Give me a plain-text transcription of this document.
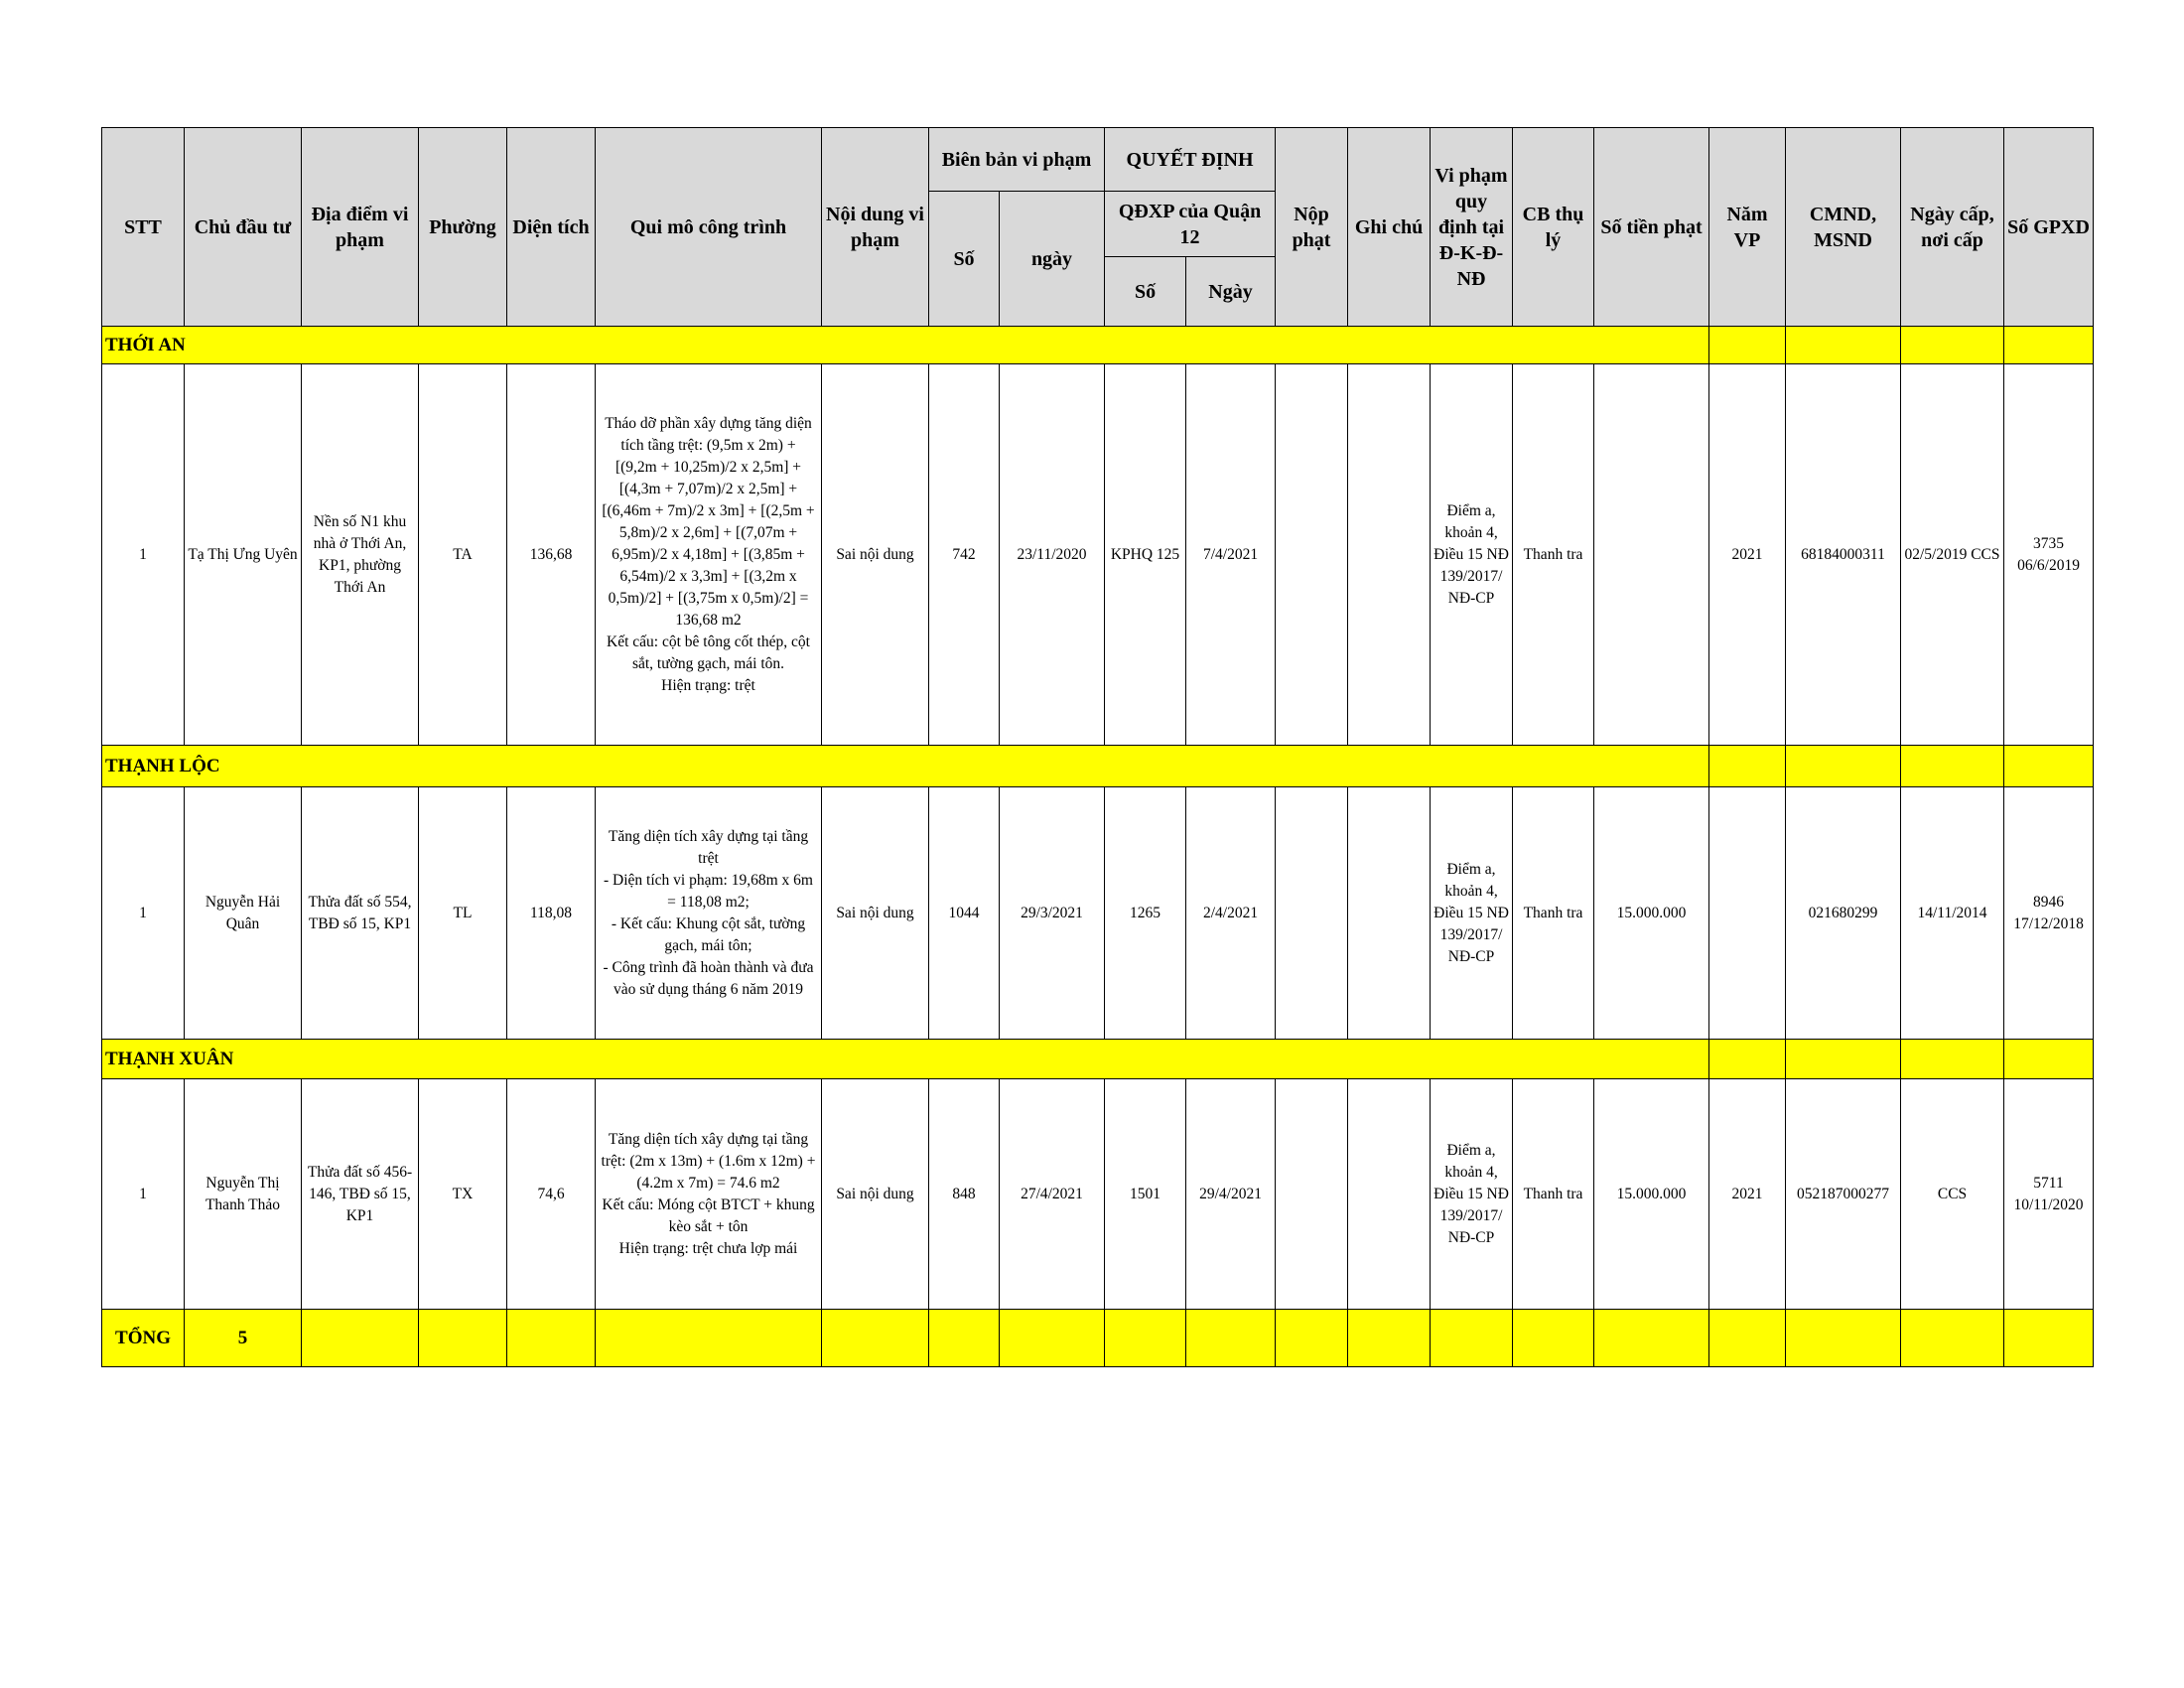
STT	Chủ đầu tư	Địa điểm vi phạm	Phường	Diện tích	Qui mô công trình	Nội dung vi phạm	Biên bản vi phạm		QUYẾT ĐỊNH		Nộp phạt	Ghi chú	Vi phạm quy định tại Đ-K-Đ-NĐ	CB thụ lý	Số tiền phạt	Năm VP	CMND, MSND	Ngày cấp, nơi cấp	Số GPXD
							Số	ngày	QĐXP của Quận 12										
									Số	Ngày									
THỚI AN																			
1	Tạ Thị Ưng Uyên	Nền số N1 khu nhà ở Thới An, KP1, phường Thới An	TA	136,68	Tháo dỡ phần xây dựng tăng diện tích tầng trệt: (9,5m x 2m) + [(9,2m + 10,25m)/2 x 2,5m] + [(4,3m + 7,07m)/2 x 2,5m] + [(6,46m + 7m)/2 x 3m] + [(2,5m + 5,8m)/2 x 2,6m] + [(7,07m + 6,95m)/2 x 4,18m] + [(3,85m + 6,54m)/2 x 3,3m] + [(3,2m x 0,5m)/2] + [(3,75m x 0,5m)/2] = 136,68 m2
Kết cấu: cột bê tông cốt thép, cột sắt, tường gạch, mái tôn.
Hiện trạng: trệt	Sai nội dung	742	23/11/2020	KPHQ 125	7/4/2021			Điểm a, khoản 4, Điều 15 NĐ 139/2017/ NĐ-CP	Thanh tra		2021	68184000311	02/5/2019 CCS	3735 06/6/2019
THẠNH LỘC																			
1	Nguyễn Hải Quân	Thửa đất số 554, TBĐ số 15, KP1	TL	118,08	Tăng diện tích xây dựng tại tầng trệt
- Diện tích vi phạm: 19,68m x 6m = 118,08 m2;
- Kết cấu: Khung cột sắt, tường gạch, mái tôn;
- Công trình đã hoàn thành và đưa vào sử dụng tháng 6 năm 2019	Sai nội dung	1044	29/3/2021	1265	2/4/2021			Điểm a, khoản 4, Điều 15 NĐ 139/2017/ NĐ-CP	Thanh tra	15.000.000		021680299	14/11/2014	8946 17/12/2018
THẠNH XUÂN																			
1	Nguyễn Thị Thanh Thảo	Thửa đất số 456-146, TBĐ số 15, KP1	TX	74,6	Tăng diện tích xây dựng tại tầng trệt: (2m x 13m) + (1.6m x 12m) + (4.2m x 7m) = 74.6 m2
Kết cấu: Móng cột BTCT + khung kèo sắt + tôn
Hiện trạng: trệt chưa lợp mái	Sai nội dung	848	27/4/2021	1501	29/4/2021			Điểm a, khoản 4, Điều 15 NĐ 139/2017/ NĐ-CP	Thanh tra	15.000.000	2021	052187000277	CCS	5711 10/11/2020
TỔNG	5																		
